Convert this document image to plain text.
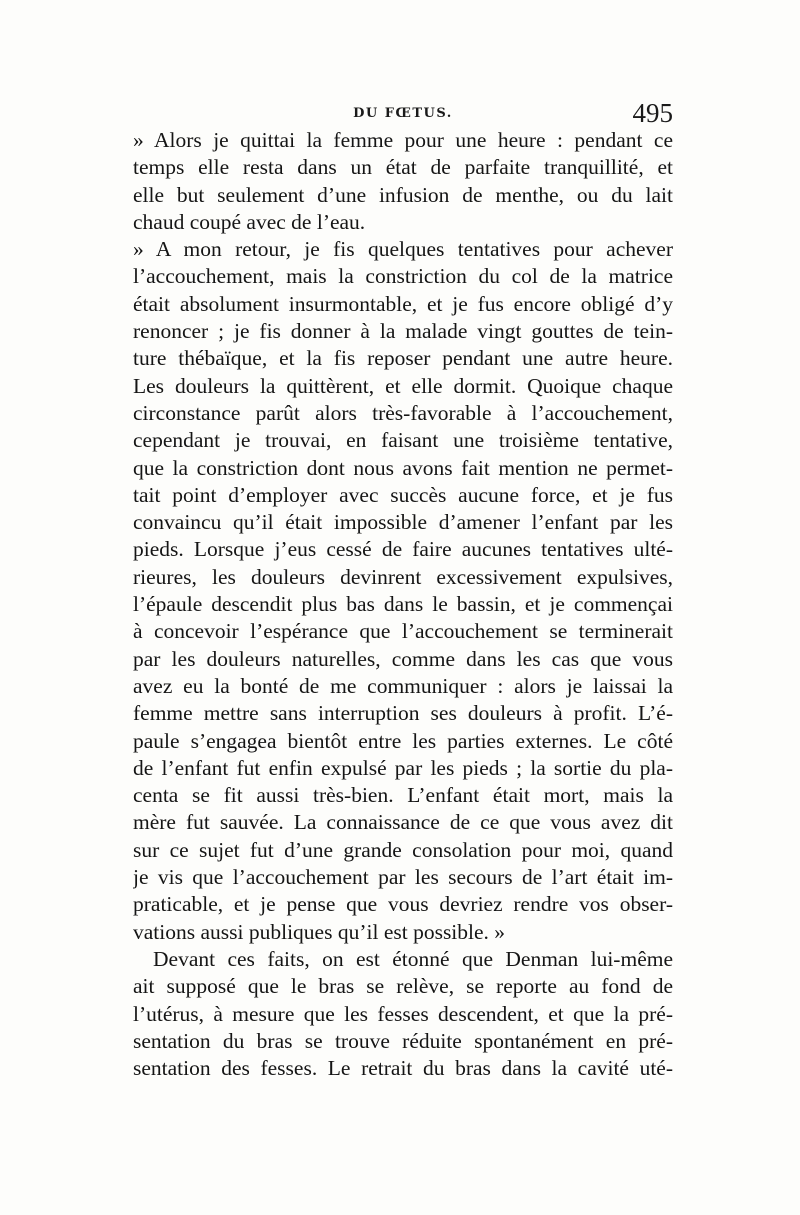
DU FŒTUS.	495
» Alors je quittai la femme pour une heure : pendant ce
temps elle resta dans un état de parfaite tranquillité, et
elle but seulement d’une infusion de menthe, ou du lait
chaud coupé avec de l’eau.
» A mon retour, je fis quelques tentatives pour achever
l’accouchement, mais la constriction du col de la matrice
était absolument insurmontable, et je fus encore obligé d’y
renoncer ; je fis donner à la malade vingt gouttes de tein-
ture thébaïque, et la fis reposer pendant une autre heure.
Les douleurs la quittèrent, et elle dormit. Quoique chaque
circonstance parût alors très-favorable à l’accouchement,
cependant je trouvai, en faisant une troisième tentative,
que la constriction dont nous avons fait mention ne permet-
tait point d’employer avec succès aucune force, et je fus
convaincu qu’il était impossible d’amener l’enfant par les
pieds. Lorsque j’eus cessé de faire aucunes tentatives ulté-
rieures, les douleurs devinrent excessivement expulsives,
l’épaule descendit plus bas dans le bassin, et je commençai
à concevoir l’espérance que l’accouchement se terminerait
par les douleurs naturelles, comme dans les cas que vous
avez eu la bonté de me communiquer : alors je laissai la
femme mettre sans interruption ses douleurs à profit. L’é-
paule s’engagea bientôt entre les parties externes. Le côté
de l’enfant fut enfin expulsé par les pieds ; la sortie du pla-
centa se fit aussi très-bien. L’enfant était mort, mais la
mère fut sauvée. La connaissance de ce que vous avez dit
sur ce sujet fut d’une grande consolation pour moi, quand
je vis que l’accouchement par les secours de l’art était im-
praticable, et je pense que vous devriez rendre vos obser-
vations aussi publiques qu’il est possible. »
Devant ces faits, on est étonné que Denman lui-même
ait supposé que le bras se relève, se reporte au fond de
l’utérus, à mesure que les fesses descendent, et que la pré-
sentation du bras se trouve réduite spontanément en pré-
sentation des fesses. Le retrait du bras dans la cavité uté-
